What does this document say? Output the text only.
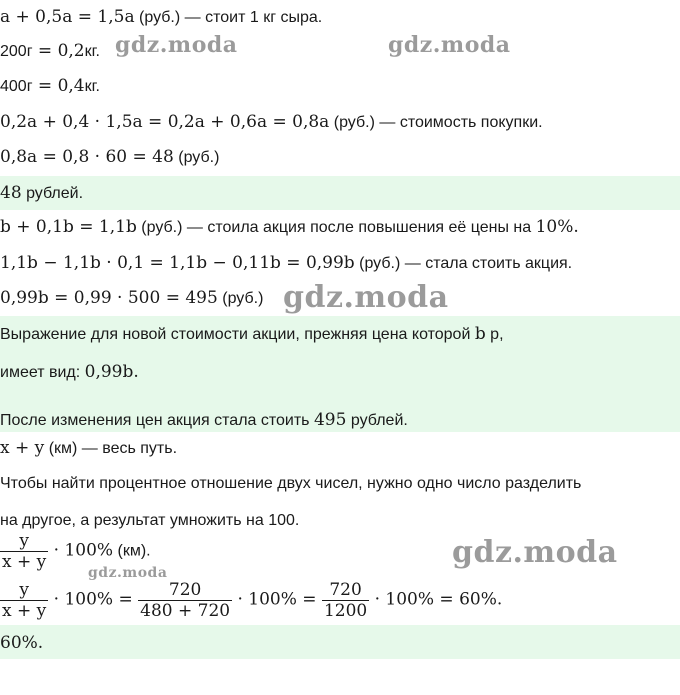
a + 0,5a = 1,5a (руб.) — стоит 1 кг сыра.
200г = 0,2кг.
400г = 0,4кг.
0,2a + 0,4 · 1,5a = 0,2a + 0,6a = 0,8a (руб.) — стоимость покупки.
0,8a = 0,8 · 60 = 48 (руб.)
48 рублей.
b + 0,1b = 1,1b (руб.) — стоила акция после повышения её цены на 10%.
1,1b − 1,1b · 0,1 = 1,1b − 0,11b = 0,99b (руб.) — стала стоить акция.
0,99b = 0,99 · 500 = 495 (руб.)
Выражение для новой стоимости акции, прежняя цена которой b р,
имеет вид: 0,99b.
После изменения цен акция стала стоить 495 рублей.
x + y (км) — весь путь.
Чтобы найти процентное отношение двух чисел, нужно одно число разделить
на другое, а результат умножить на 100.
$\frac{y}{x + y} \cdot 100\%$ (км).
$\frac{y}{x + y} \cdot 100\% = \frac{720}{480 + 720} \cdot 100\% = \frac{720}{1200} \cdot 100\% = 60\%$.
60%.
gdz.moda	gdz.moda
gdz.moda
gdz.moda
gdz.moda
